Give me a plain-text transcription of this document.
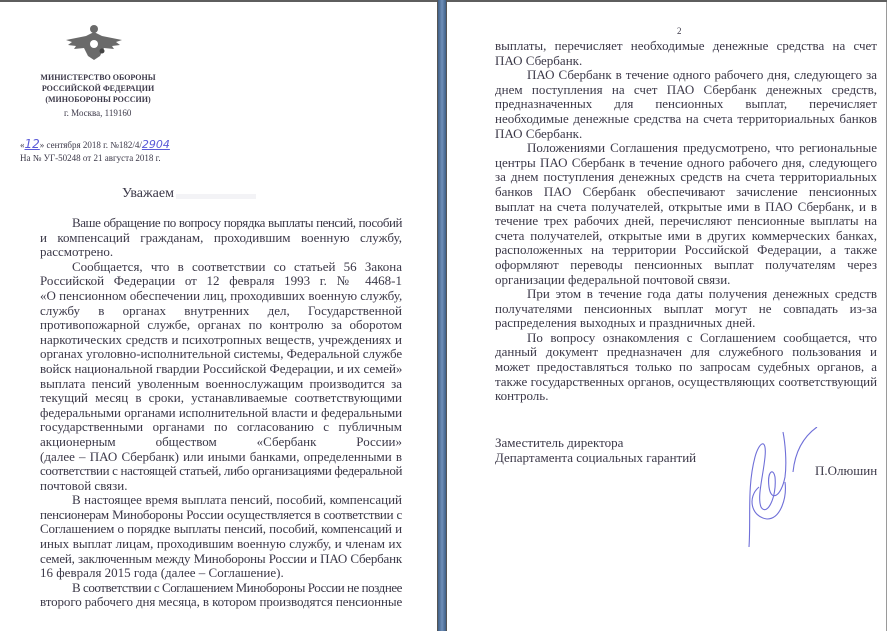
МИНИСТЕРСТВО ОБОРОНЫ
РОССИЙСКОЙ ФЕДЕРАЦИИ
(МИНОБОРОНЫ РОССИИ)
г. Москва, 119160
«12» сентября 2018 г. №182/4/2904
На № УГ-50248 от 21 августа 2018 г.
Уважаем
Ваше обращение по вопросу порядка выплаты пенсий, пособий
и компенсаций гражданам, проходившим военную службу,
рассмотрено.
Сообщается, что в соответствии со статьей 56 Закона
Российской Федерации от 12 февраля 1993 г. № 4468-1
«О пенсионном обеспечении лиц, проходивших военную службу,
службу в органах внутренних дел, Государственной
противопожарной службе, органах по контролю за оборотом
наркотических средств и психотропных веществ, учреждениях и
органах уголовно-исполнительной системы, Федеральной службе
войск национальной гвардии Российской Федерации, и их семей»
выплата пенсий уволенным военнослужащим производится за
текущий месяц в сроки, устанавливаемые соответствующими
федеральными органами исполнительной власти и федеральными
государственными органами по согласованию с публичным
акционерным обществом «Сбербанк России»
(далее – ПАО Сбербанк) или иными банками, определенными в
соответствии с настоящей статьей, либо организациями федеральной
почтовой связи.
В настоящее время выплата пенсий, пособий, компенсаций
пенсионерам Минобороны России осуществляется в соответствии с
Соглашением о порядке выплаты пенсий, пособий, компенсаций и
иных выплат лицам, проходившим военную службу, и членам их
семей, заключенным между Минобороны России и ПАО Сбербанк
16 февраля 2015 года (далее – Соглашение).
В соответствии с Соглашением Минобороны России не позднее
второго рабочего дня месяца, в котором производятся пенсионные
2
выплаты, перечисляет необходимые денежные средства на счет
ПАО Сбербанк.
ПАО Сбербанк в течение одного рабочего дня, следующего за
днем поступления на счет ПАО Сбербанк денежных средств,
предназначенных для пенсионных выплат, перечисляет
необходимые денежные средства на счета территориальных банков
ПАО Сбербанк.
Положениями Соглашения предусмотрено, что региональные
центры ПАО Сбербанк в течение одного рабочего дня, следующего
за днем поступления денежных средств на счета территориальных
банков ПАО Сбербанк обеспечивают зачисление пенсионных
выплат на счета получателей, открытые ими в ПАО Сбербанк, и в
течение трех рабочих дней, перечисляют пенсионные выплаты на
счета получателей, открытые ими в других коммерческих банках,
расположенных на территории Российской Федерации, а также
оформляют переводы пенсионных выплат получателям через
организации федеральной почтовой связи.
При этом в течение года даты получения денежных средств
получателями пенсионных выплат могут не совпадать из-за
распределения выходных и праздничных дней.
По вопросу ознакомления с Соглашением сообщается, что
данный документ предназначен для служебного пользования и
может предоставляться только по запросам судебных органов, а
также государственных органов, осуществляющих соответствующий
контроль.
Заместитель директора
Департамента социальных гарантий
П.Олюшин
